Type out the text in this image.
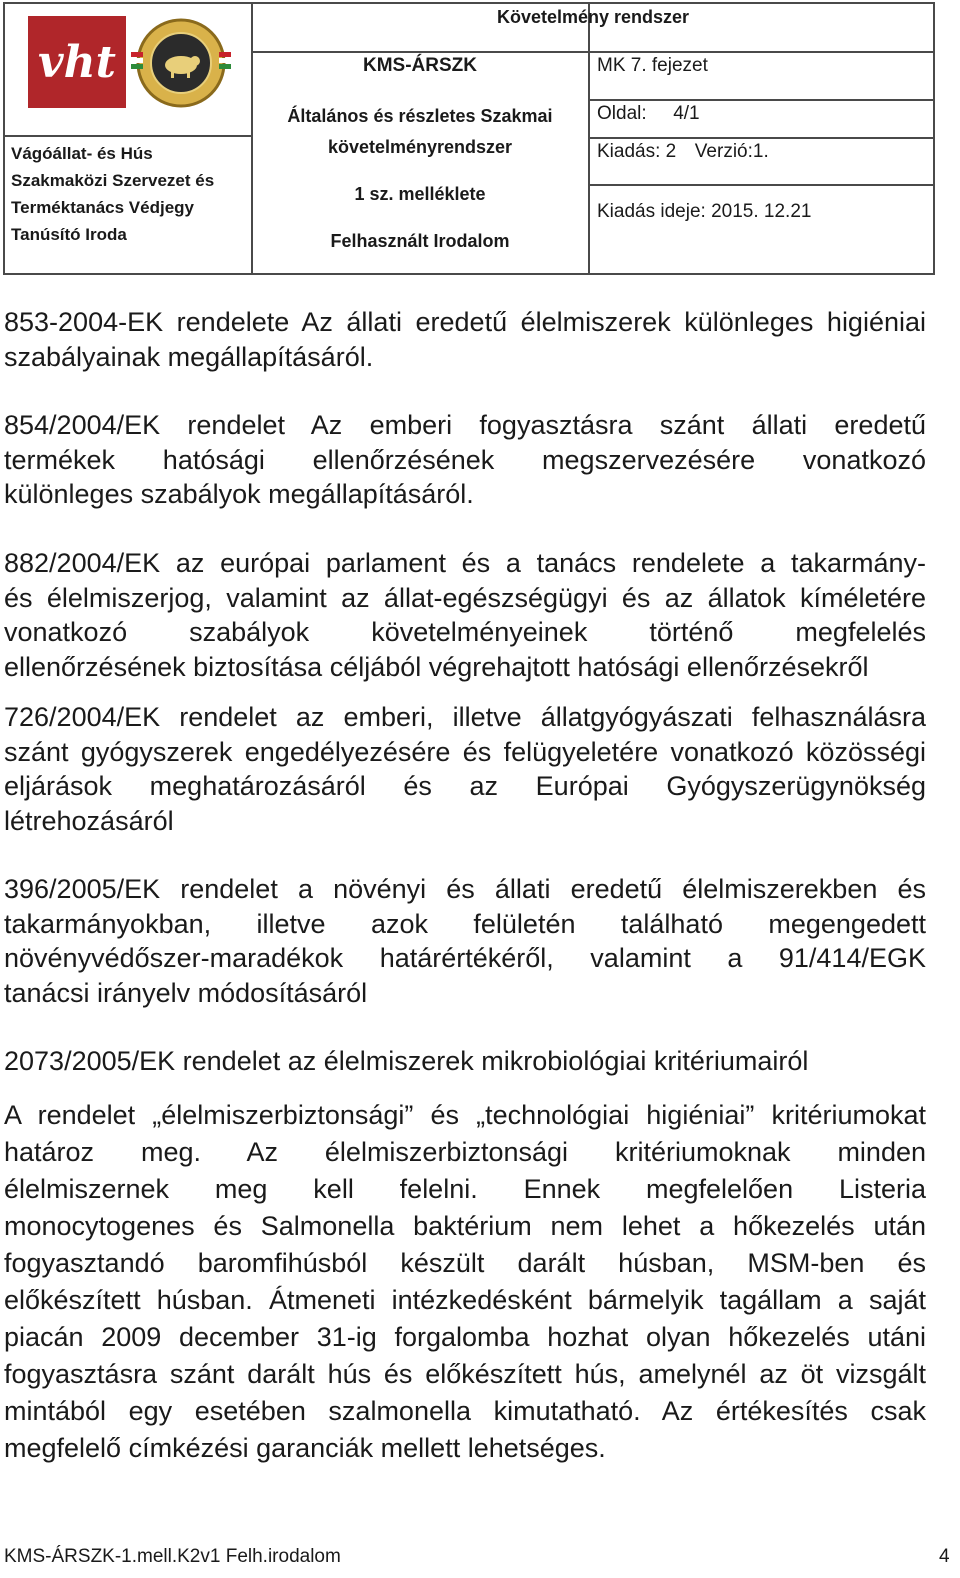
vht
Vágóállat- és Hús
Szakmaközi Szervezet és
Terméktanács Védjegy
Tanúsító Iroda
Követelmény rendszer
KMS-ÁRSZK
Általános és részletes Szakmai
követelményrendszer
1 sz. melléklete
Felhasznált Irodalom
MK 7. fejezet
Oldal: 4/1
Kiadás: 2 Verzió:1.
Kiadás ideje: 2015. 12.21
853-2004-EK rendelete Az állati eredetű élelmiszerek különleges higiéniai
szabályainak megállapításáról.
854/2004/EK rendelet Az emberi fogyasztásra szánt állati eredetű
termékek hatósági ellenőrzésének megszervezésére vonatkozó
különleges szabályok megállapításáról.
882/2004/EK az európai parlament és a tanács rendelete a takarmány-
és élelmiszerjog, valamint az állat-egészségügyi és az állatok kíméletére
vonatkozó szabályok követelményeinek történő megfelelés
ellenőrzésének biztosítása céljából végrehajtott hatósági ellenőrzésekről
726/2004/EK rendelet az emberi, illetve állatgyógyászati felhasználásra
szánt gyógyszerek engedélyezésére és felügyeletére vonatkozó közösségi
eljárások meghatározásáról és az Európai Gyógyszerügynökség
létrehozásáról
396/2005/EK rendelet a növényi és állati eredetű élelmiszerekben és
takarmányokban, illetve azok felületén található megengedett
növényvédőszer-maradékok határértékéről, valamint a 91/414/EGK
tanácsi irányelv módosításáról
2073/2005/EK rendelet az élelmiszerek mikrobiológiai kritériumairól
A rendelet „élelmiszerbiztonsági” és „technológiai higiéniai” kritériumokat
határoz meg. Az élelmiszerbiztonsági kritériumoknak minden
élelmiszernek meg kell felelni. Ennek megfelelően Listeria
monocytogenes és Salmonella baktérium nem lehet a hőkezelés után
fogyasztandó baromfihúsból készült darált húsban, MSM-ben és
előkészített húsban. Átmeneti intézkedésként bármelyik tagállam a saját
piacán 2009 december 31-ig forgalomba hozhat olyan hőkezelés utáni
fogyasztásra szánt darált hús és előkészített hús, amelynél az öt vizsgált
mintából egy esetében szalmonella kimutatható. Az értékesítés csak
megfelelő címkézési garanciák mellett lehetséges.
KMS-ÁRSZK-1.mell.K2v1 Felh.irodalom	4
